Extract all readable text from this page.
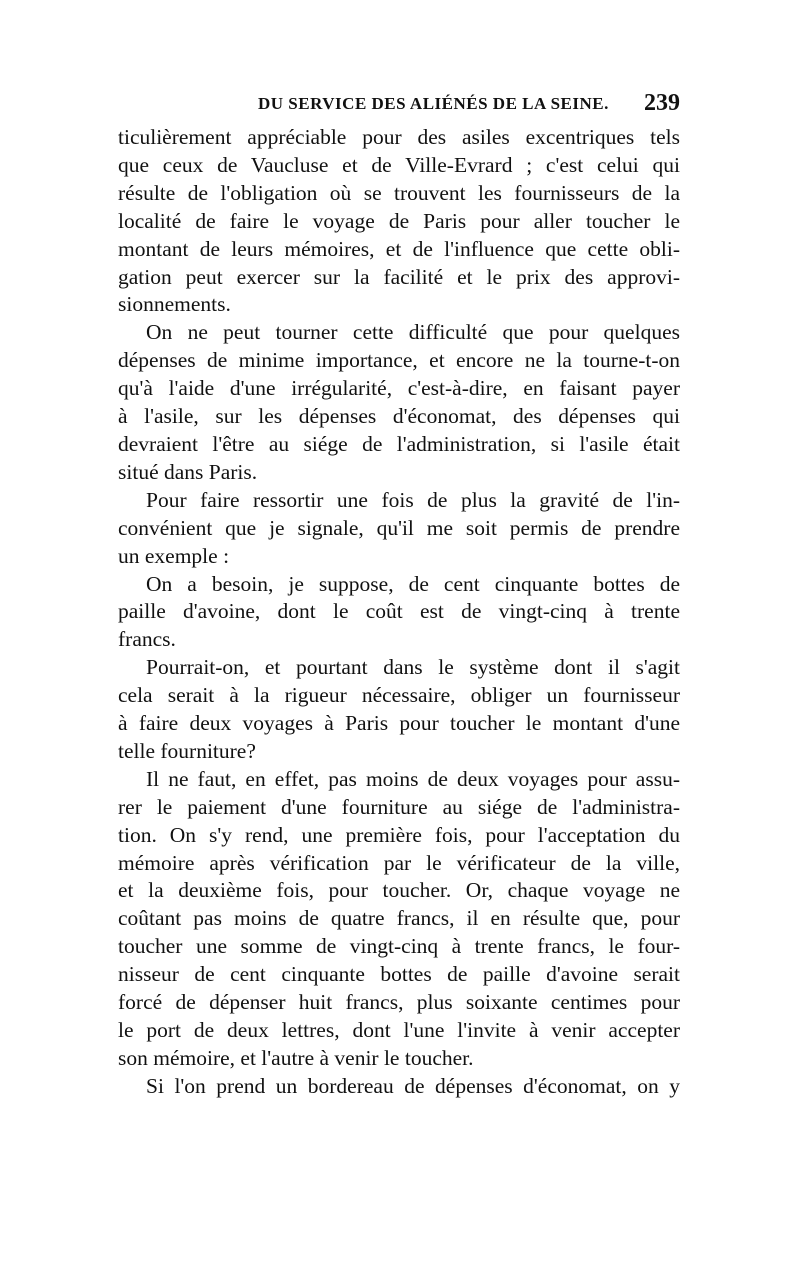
DU SERVICE DES ALIÉNÉS DE LA SEINE. 239
ticulièrement appréciable pour des asiles excentriques tels
que ceux de Vaucluse et de Ville-Evrard ; c'est celui qui
résulte de l'obligation où se trouvent les fournisseurs de la
localité de faire le voyage de Paris pour aller toucher le
montant de leurs mémoires, et de l'influence que cette obli-
gation peut exercer sur la facilité et le prix des approvi-
sionnements.
On ne peut tourner cette difficulté que pour quelques
dépenses de minime importance, et encore ne la tourne-t-on
qu'à l'aide d'une irrégularité, c'est-à-dire, en faisant payer
à l'asile, sur les dépenses d'économat, des dépenses qui
devraient l'être au siége de l'administration, si l'asile était
situé dans Paris.
Pour faire ressortir une fois de plus la gravité de l'in-
convénient que je signale, qu'il me soit permis de prendre
un exemple :
On a besoin, je suppose, de cent cinquante bottes de
paille d'avoine, dont le coût est de vingt-cinq à trente
francs.
Pourrait-on, et pourtant dans le système dont il s'agit
cela serait à la rigueur nécessaire, obliger un fournisseur
à faire deux voyages à Paris pour toucher le montant d'une
telle fourniture?
Il ne faut, en effet, pas moins de deux voyages pour assu-
rer le paiement d'une fourniture au siége de l'administra-
tion. On s'y rend, une première fois, pour l'acceptation du
mémoire après vérification par le vérificateur de la ville,
et la deuxième fois, pour toucher. Or, chaque voyage ne
coûtant pas moins de quatre francs, il en résulte que, pour
toucher une somme de vingt-cinq à trente francs, le four-
nisseur de cent cinquante bottes de paille d'avoine serait
forcé de dépenser huit francs, plus soixante centimes pour
le port de deux lettres, dont l'une l'invite à venir accepter
son mémoire, et l'autre à venir le toucher.
Si l'on prend un bordereau de dépenses d'économat, on y
